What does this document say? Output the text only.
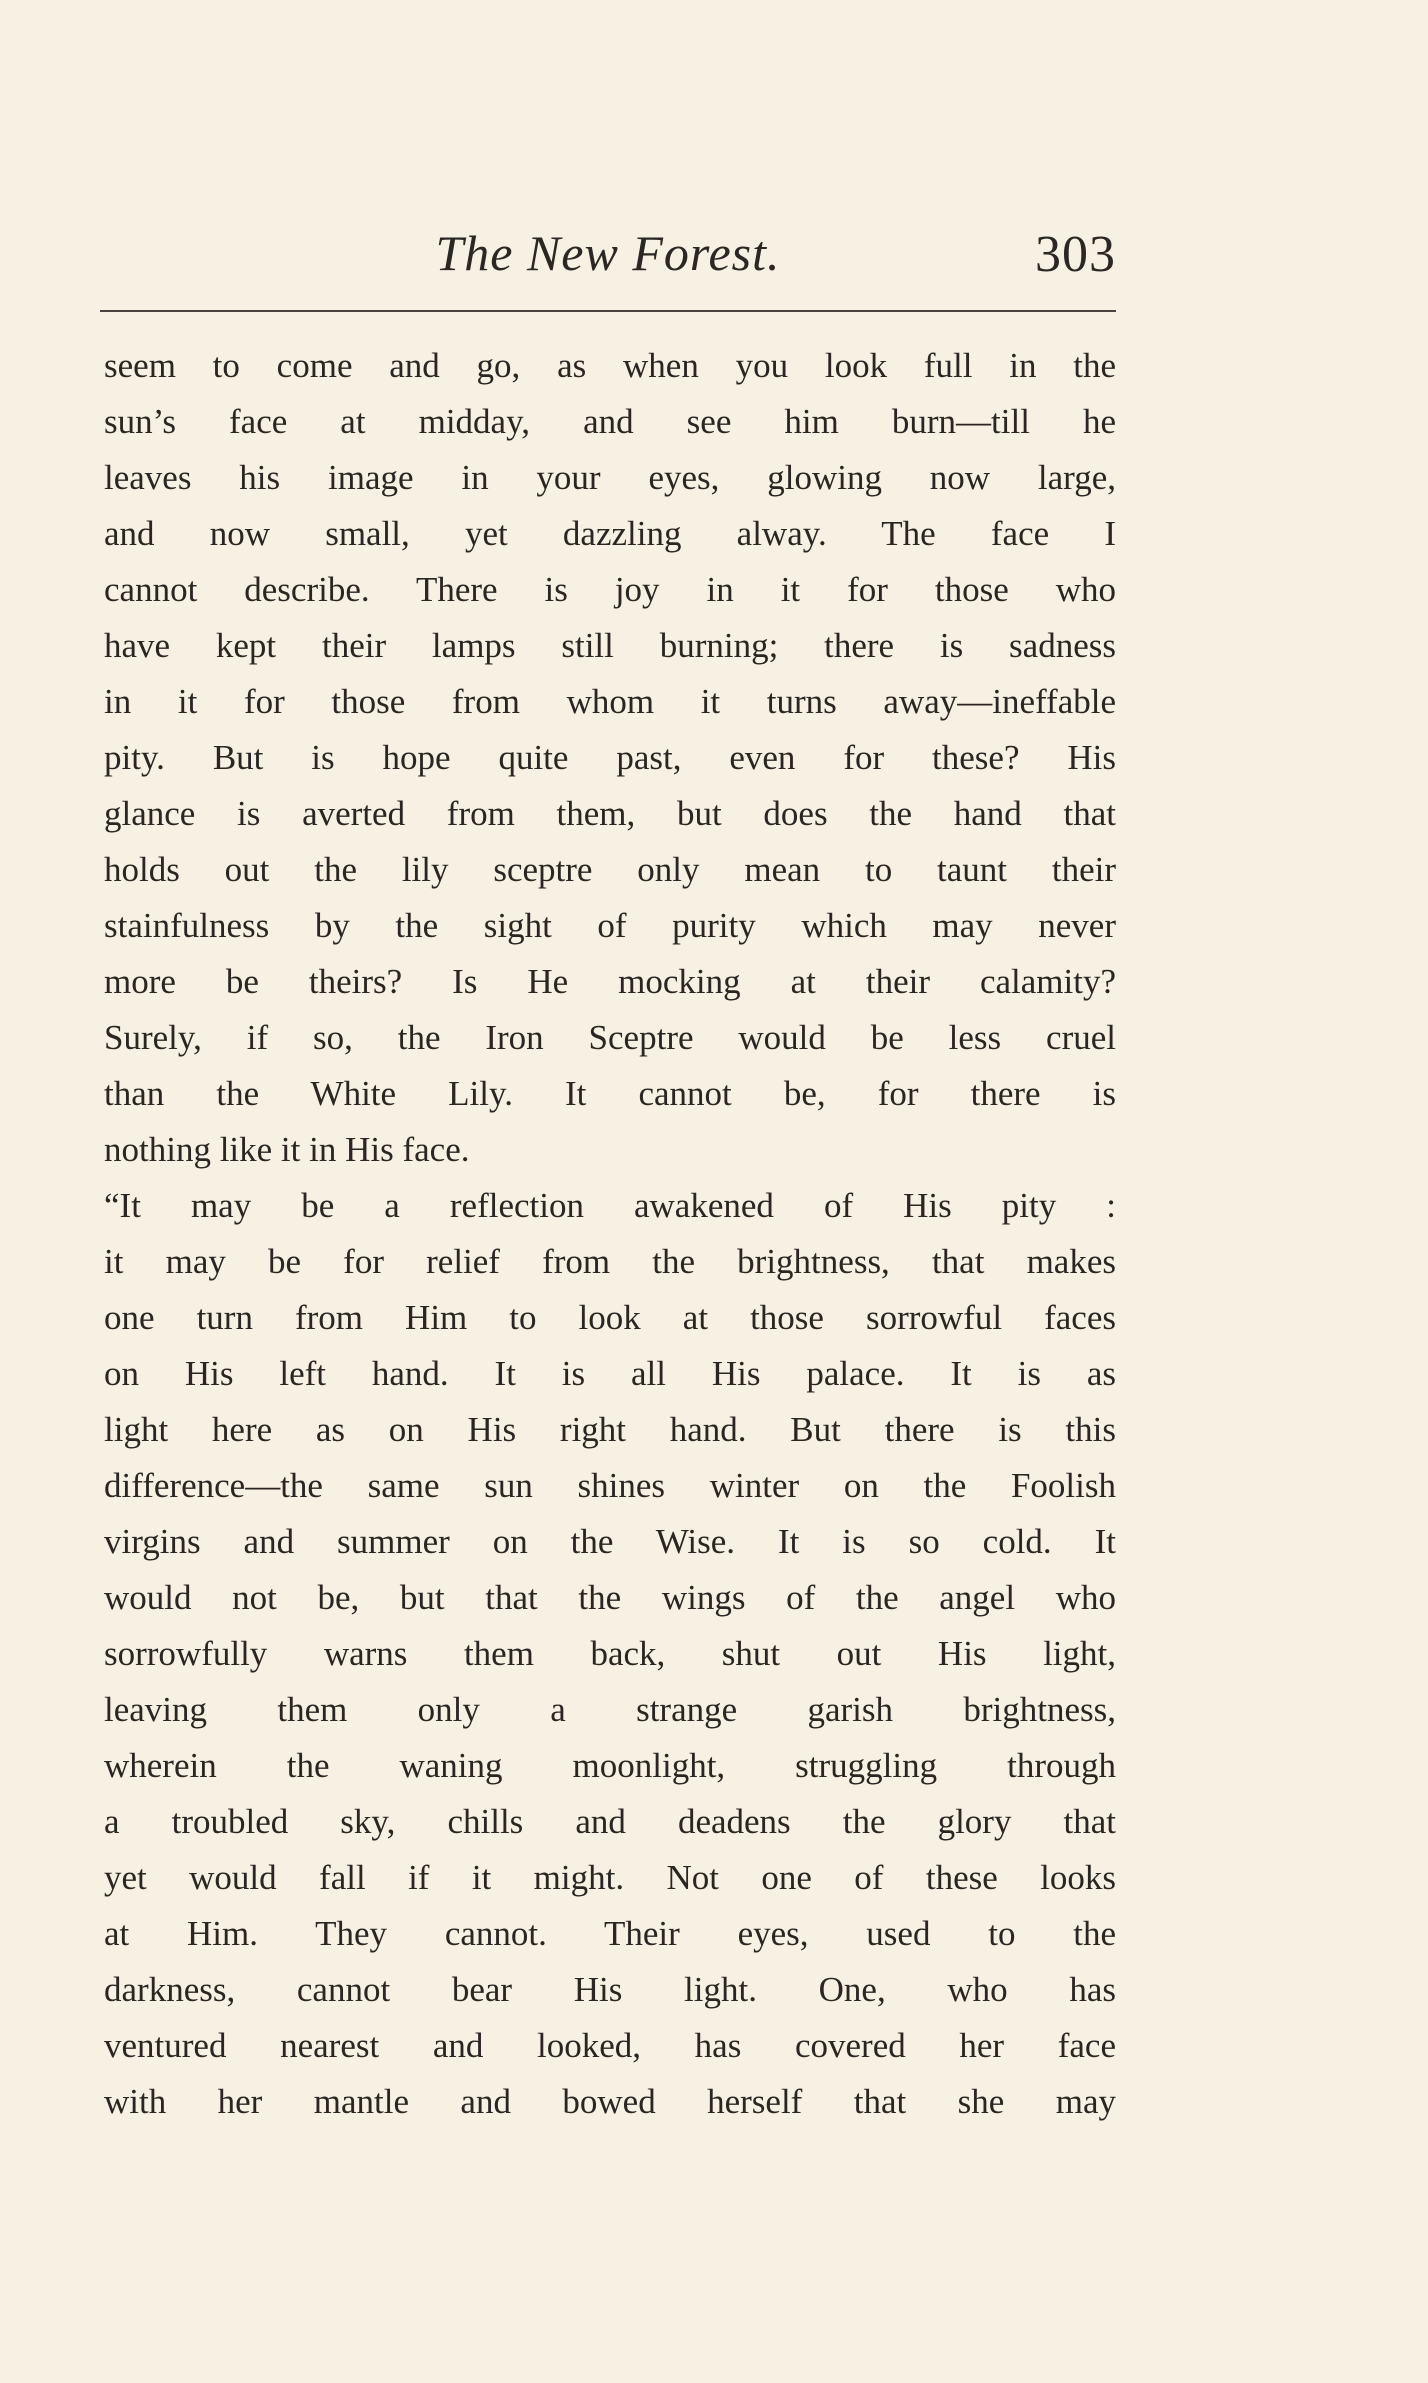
The New Forest.	303
seem to come and go, as when you look full in the
sun’s face at midday, and see him burn—till he
leaves his image in your eyes, glowing now large,
and now small, yet dazzling alway. The face I
cannot describe. There is joy in it for those who
have kept their lamps still burning; there is sadness
in it for those from whom it turns away—ineffable
pity. But is hope quite past, even for these? His
glance is averted from them, but does the hand that
holds out the lily sceptre only mean to taunt their
stainfulness by the sight of purity which may never
more be theirs? Is He mocking at their calamity?
Surely, if so, the Iron Sceptre would be less cruel
than the White Lily. It cannot be, for there is
nothing like it in His face.
“It may be a reflection awakened of His pity :
it may be for relief from the brightness, that makes
one turn from Him to look at those sorrowful faces
on His left hand. It is all His palace. It is as
light here as on His right hand. But there is this
difference—the same sun shines winter on the Foolish
virgins and summer on the Wise. It is so cold. It
would not be, but that the wings of the angel who
sorrowfully warns them back, shut out His light,
leaving them only a strange garish brightness,
wherein the waning moonlight, struggling through
a troubled sky, chills and deadens the glory that
yet would fall if it might. Not one of these looks
at Him. They cannot. Their eyes, used to the
darkness, cannot bear His light. One, who has
ventured nearest and looked, has covered her face
with her mantle and bowed herself that she may
